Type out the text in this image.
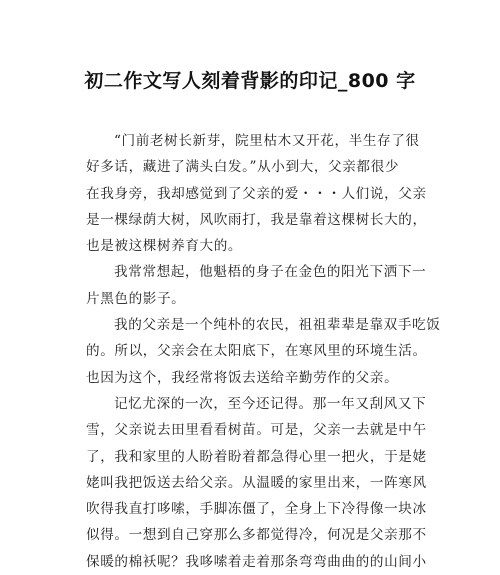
初二作文写人刻着背影的印记_800 字
“门前老树长新芽，院里枯木又开花，半生存了很
好多话，藏进了满头白发。”从小到大，父亲都很少
在我身旁，我却感觉到了父亲的爱・・・人们说，父亲
是一棵绿荫大树，风吹雨打，我是靠着这棵树长大的，
也是被这棵树养育大的。
我常常想起，他魁梧的身子在金色的阳光下洒下一
片黑色的影子。
我的父亲是一个纯朴的农民，祖祖辈辈是靠双手吃饭
的。所以，父亲会在太阳底下，在寒风里的环境生活。
也因为这个，我经常将饭去送给辛勤劳作的父亲。
记忆尤深的一次，至今还记得。那一年又刮风又下
雪，父亲说去田里看看树苗。可是，父亲一去就是中午
了，我和家里的人盼着盼着都急得心里一把火，于是姥
姥叫我把饭送去给父亲。从温暖的家里出来，一阵寒风
吹得我直打哆嗦，手脚冻僵了，全身上下冷得像一块冰
似得。一想到自己穿那么多都觉得冷，何况是父亲那不
保暖的棉袄呢？我哆嗦着走着那条弯弯曲曲的的山间小
